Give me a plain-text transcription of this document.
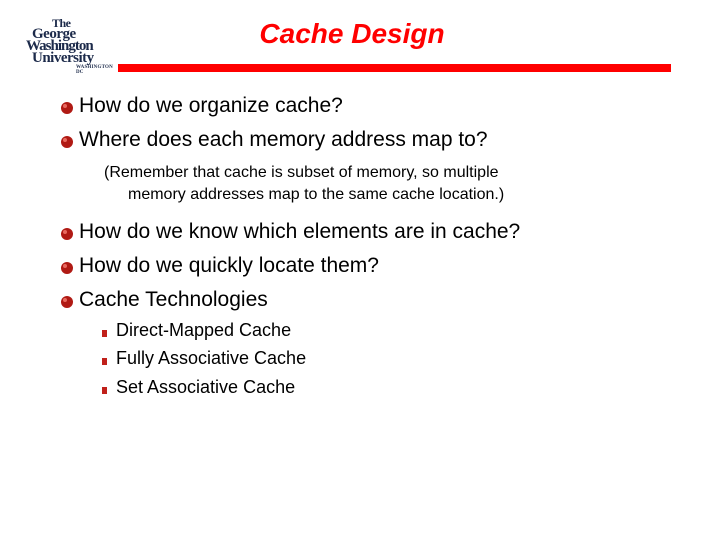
The
George
Washington
University
WASHINGTON DC
Cache Design
How do we organize cache?
Where does each memory address map to?
(Remember that cache is subset of memory, so multiple
memory addresses map to the same cache location.)
How do we know which elements are in cache?
How do we quickly locate them?
Cache Technologies
Direct-Mapped Cache
Fully Associative Cache
Set Associative Cache
